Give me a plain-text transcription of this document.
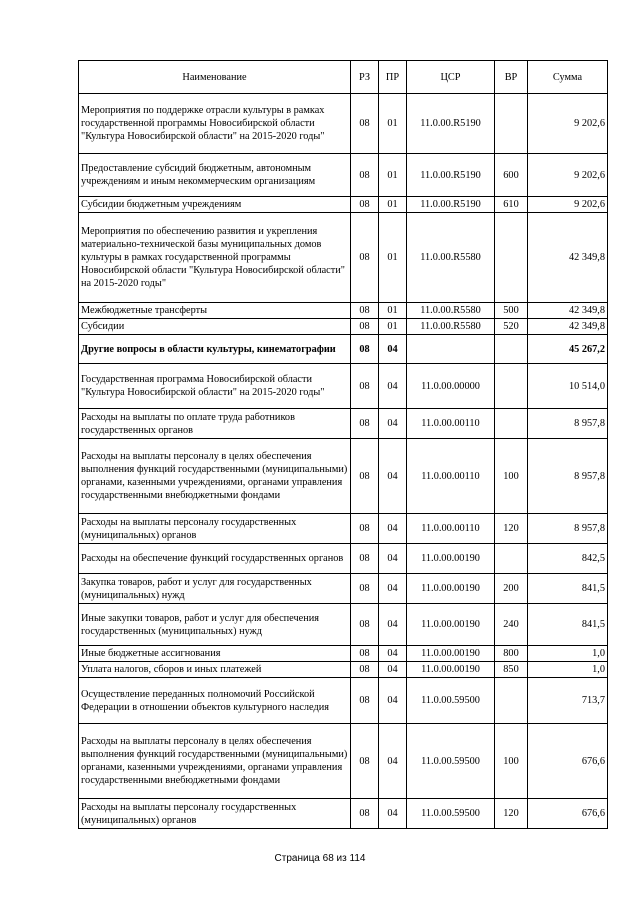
Наименование	РЗ	ПР	ЦСР	ВР	Сумма
Мероприятия по поддержке отрасли культуры в рамках государственной программы Новосибирской области "Культура Новосибирской области" на 2015-2020 годы"	08	01	11.0.00.R5190		9 202,6
Предоставление субсидий бюджетным, автономным учреждениям и иным некоммерческим организациям	08	01	11.0.00.R5190	600	9 202,6
Субсидии бюджетным учреждениям	08	01	11.0.00.R5190	610	9 202,6
Мероприятия по обеспечению развития и укрепления материально-технической базы муниципальных домов культуры в рамках государственной программы Новосибирской области "Культура Новосибирской области" на 2015-2020 годы"	08	01	11.0.00.R5580		42 349,8
Межбюджетные трансферты	08	01	11.0.00.R5580	500	42 349,8
Субсидии	08	01	11.0.00.R5580	520	42 349,8
Другие вопросы в области культуры, кинематографии	08	04			45 267,2
Государственная программа Новосибирской области "Культура Новосибирской области" на 2015-2020 годы"	08	04	11.0.00.00000		10 514,0
Расходы на выплаты по оплате труда работников государственных органов	08	04	11.0.00.00110		8 957,8
Расходы на выплаты персоналу в целях обеспечения выполнения функций государственными (муниципальными) органами, казенными учреждениями, органами управления государственными внебюджетными фондами	08	04	11.0.00.00110	100	8 957,8
Расходы на выплаты персоналу государственных (муниципальных) органов	08	04	11.0.00.00110	120	8 957,8
Расходы на обеспечение функций государственных органов	08	04	11.0.00.00190		842,5
Закупка товаров, работ и услуг для государственных (муниципальных) нужд	08	04	11.0.00.00190	200	841,5
Иные закупки товаров, работ и услуг для обеспечения государственных (муниципальных) нужд	08	04	11.0.00.00190	240	841,5
Иные бюджетные ассигнования	08	04	11.0.00.00190	800	1,0
Уплата налогов, сборов и иных платежей	08	04	11.0.00.00190	850	1,0
Осуществление переданных полномочий Российской Федерации в отношении объектов культурного наследия	08	04	11.0.00.59500		713,7
Расходы на выплаты персоналу в целях обеспечения выполнения функций государственными (муниципальными) органами, казенными учреждениями, органами управления государственными внебюджетными фондами	08	04	11.0.00.59500	100	676,6
Расходы на выплаты персоналу государственных (муниципальных) органов	08	04	11.0.00.59500	120	676,6
Страница 68 из 114
